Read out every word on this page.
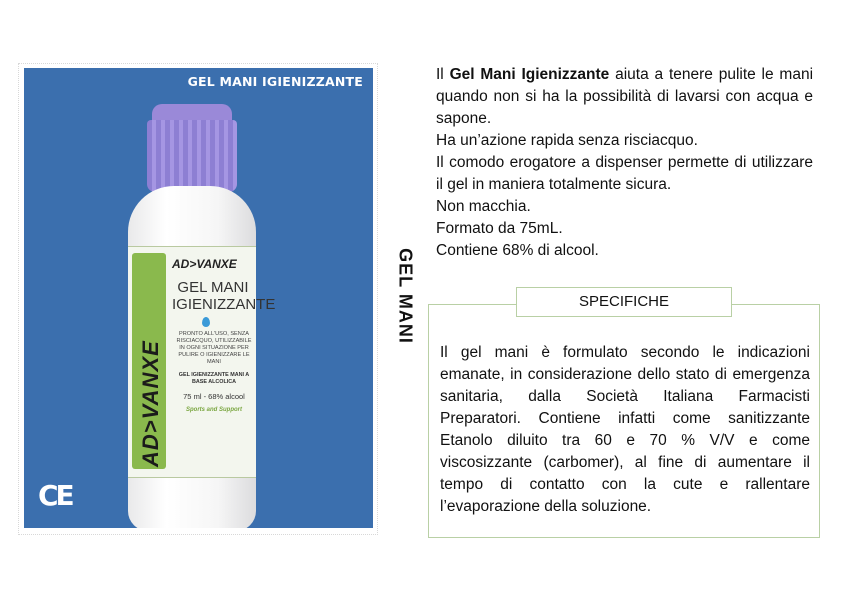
GEL MANI IGIENIZZANTE
AD>VANXE
AD>VANXE
GEL MANI IGIENIZZANTE
PRONTO ALL'USO, SENZA RISCIACQUO, UTILIZZABILE IN OGNI SITUAZIONE PER PULIRE O IGIENIZZARE LE MANI
GEL IGIENIZZANTE MANI A BASE ALCOLICA
75 ml - 68% alcool
Sports and Support
CE
GEL MANI

Il Gel Mani Igienizzante aiuta a tenere pulite le mani quando non si ha la possibilità di lavarsi con acqua e sapone.

Ha un’azione rapida senza risciacquo.

Il comodo erogatore a dispenser permette di utilizzare il gel in maniera totalmente sicura.

Non macchia.

Formato da 75mL.

Contiene 68% di alcool.

SPECIFICHE
Il gel mani è formulato secondo le indicazioni emanate, in considerazione dello stato di emergenza sanitaria, dalla Società Italiana Farmacisti Preparatori. Contiene infatti come sanitizzante Etanolo diluito tra 60 e 70 % V/V e come viscosizzante (carbomer), al fine di aumentare il tempo di contatto con la cute e rallentare l’evaporazione della soluzione.
